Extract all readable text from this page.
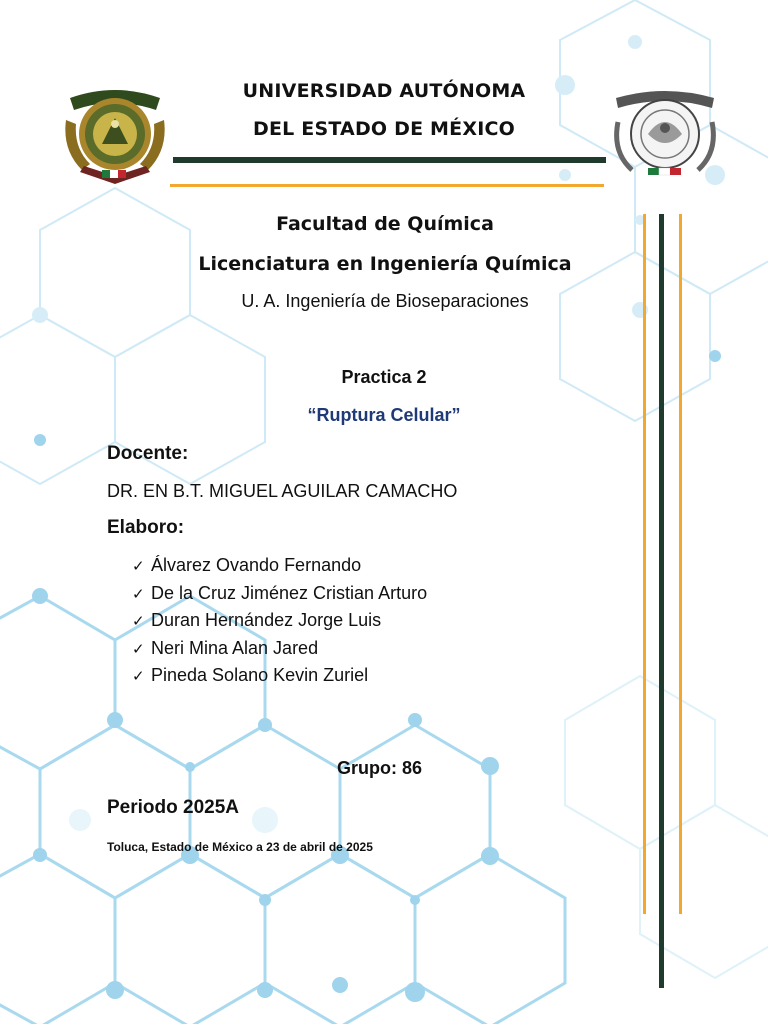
UNIVERSIDAD AUTÓNOMA
DEL ESTADO DE MÉXICO
Facultad de Química
Licenciatura en Ingeniería Química
U. A. Ingeniería de Bioseparaciones
Practica 2
“Ruptura Celular”
Docente:
DR. EN B.T. MIGUEL AGUILAR CAMACHO
Elaboro:
✓ Álvarez Ovando Fernando
✓ De la Cruz Jiménez Cristian Arturo
✓ Duran Hernández Jorge Luis
✓ Neri Mina Alan Jared
✓ Pineda Solano Kevin Zuriel
Grupo: 86
Periodo 2025A
Toluca, Estado de México a 23 de abril de 2025
